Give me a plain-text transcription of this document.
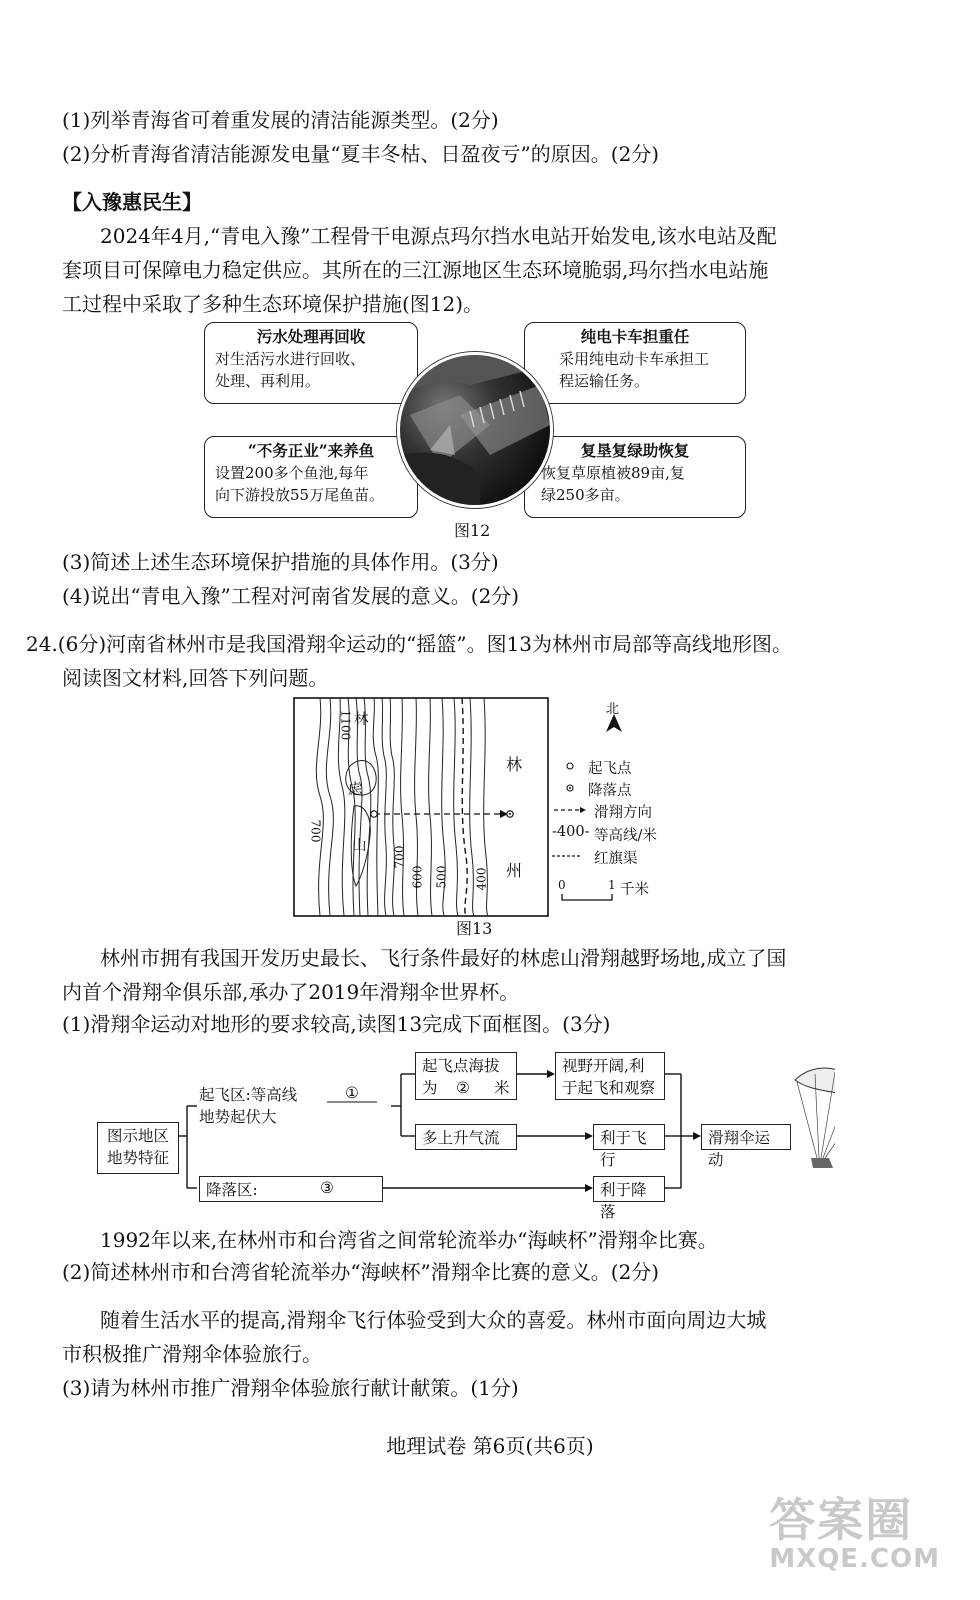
(1)列举青海省可着重发展的清洁能源类型。(2分)
(2)分析青海省清洁能源发电量“夏丰冬枯、日盈夜亏”的原因。(2分)
【入豫惠民生】
2024年4月,“青电入豫”工程骨干电源点玛尔挡水电站开始发电,该水电站及配
套项目可保障电力稳定供应。其所在的三江源地区生态环境脆弱,玛尔挡水电站施
工过程中采取了多种生态环境保护措施(图12)。
污水处理再回收
对生活污水进行回收、
处理、再利用。
纯电卡车担重任
采用纯电动卡车承担工
程运输任务。
“不务正业”来养鱼
设置200多个鱼池,每年
向下游投放55万尾鱼苗。
复垦复绿助恢复
恢复草原植被89亩,复
绿250多亩。
图12
(3)简述上述生态环境保护措施的具体作用。(3分)
(4)说出“青电入豫”工程对河南省发展的意义。(2分)
24.(6分)河南省林州市是我国滑翔伞运动的“摇篮”。图13为林州市局部等高线地形图。
阅读图文材料,回答下列问题。
林
虑
山
林
州
1100
700
700
600 500 400
北
起飞点
降落点
滑翔方向
-400- 等高线/米
红旗渠
0	1 千米
图13
林州市拥有我国开发历史最长、飞行条件最好的林虑山滑翔越野场地,成立了国
内首个滑翔伞俱乐部,承办了2019年滑翔伞世界杯。
(1)滑翔伞运动对地形的要求较高,读图13完成下面框图。(3分)
图示地区
地势特征
起飞区:等高线	①
地势起伏大
起飞点海拔
为 ② 米
视野开阔,利
于起飞和观察
多上升气流	利于飞行
滑翔伞运动
降落区:	③	利于降落
1992年以来,在林州市和台湾省之间常轮流举办“海峡杯”滑翔伞比赛。
(2)简述林州市和台湾省轮流举办“海峡杯”滑翔伞比赛的意义。(2分)
随着生活水平的提高,滑翔伞飞行体验受到大众的喜爱。林州市面向周边大城
市积极推广滑翔伞体验旅行。
(3)请为林州市推广滑翔伞体验旅行献计献策。(1分)
地理试卷 第6页(共6页)
答案圈
MXQE.COM
